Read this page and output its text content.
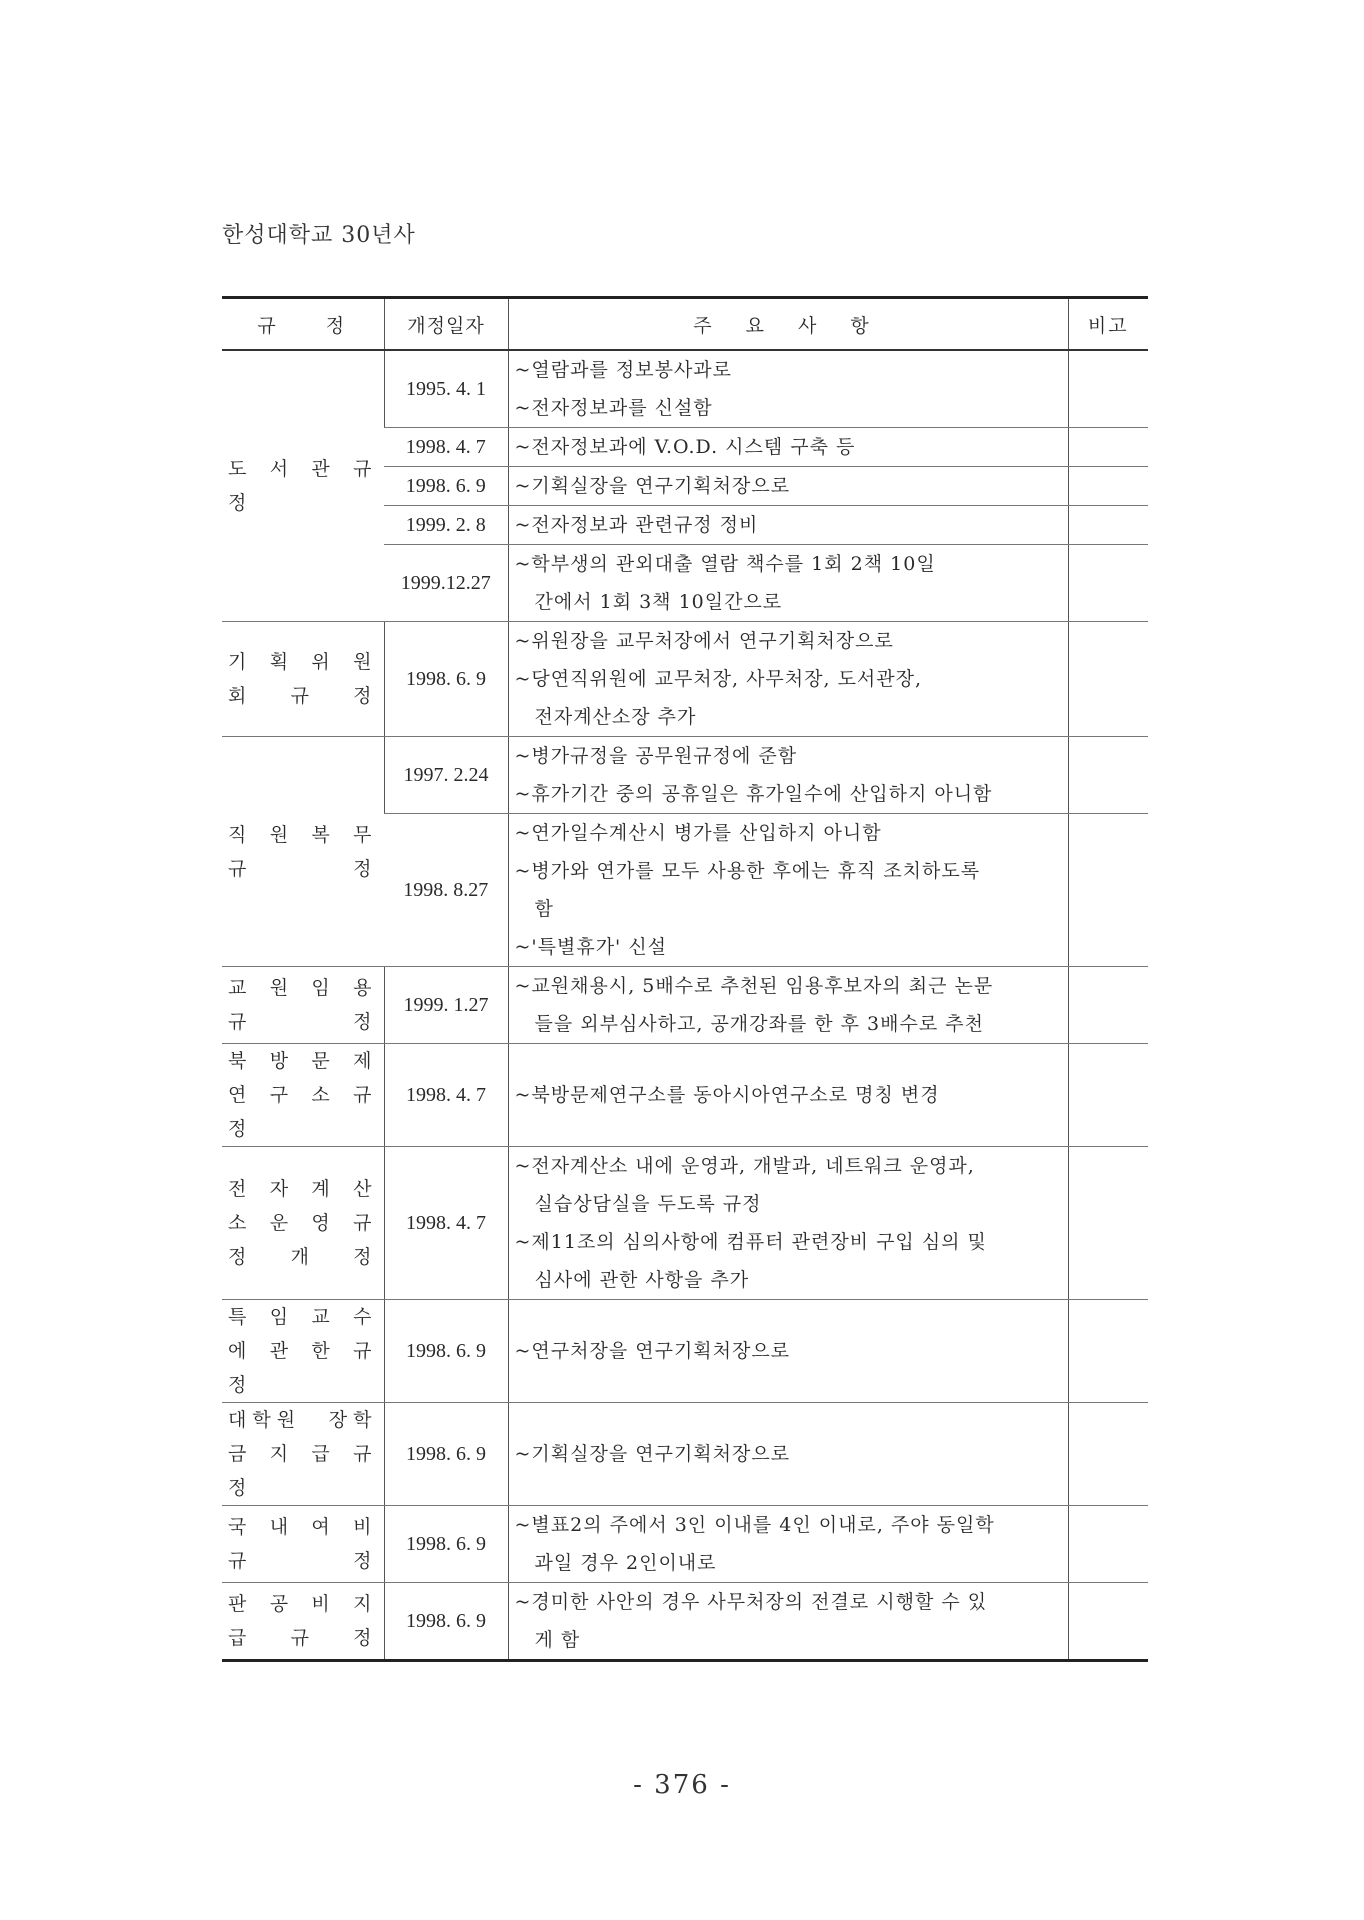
한성대학교 30년사
규　　정	개정일자	주 요 사 항	비고
도 서 관 규 정	1995. 4. 1	~열람과를 정보봉사과로
~전자정보과를 신설함	

	1998. 4. 7	~전자정보과에 V.O.D. 시스템 구축 등	

	1998. 6. 9	~기획실장을 연구기획처장으로	

	1999. 2. 8	~전자정보과 관련규정 정비	

	1999.12.27	~학부생의 관외대출 열람 책수를 1회 2책 10일
간에서 1회 3책 10일간으로	

기 획 위 원 회 규 정	1998. 6. 9	~위원장을 교무처장에서 연구기획처장으로
~당연직위원에 교무처장, 사무처장, 도서관장,
전자계산소장 추가	

직 원 복 무 규 정	1997. 2.24	~병가규정을 공무원규정에 준함
~휴가기간 중의 공휴일은 휴가일수에 산입하지 아니함	

	1998. 8.27	~연가일수계산시 병가를 산입하지 아니함
~병가와 연가를 모두 사용한 후에는 휴직 조치하도록
함
~'특별휴가' 신설	

교 원 임 용 규 정	1999. 1.27	~교원채용시, 5배수로 추천된 임용후보자의 최근 논문
들을 외부심사하고, 공개강좌를 한 후 3배수로 추천	

북 방 문 제 연 구 소 규 정	1998. 4. 7	~북방문제연구소를 동아시아연구소로 명칭 변경	

전 자 계 산 소 운 영 규 정 개 정	1998. 4. 7	~전자계산소 내에 운영과, 개발과, 네트워크 운영과,
실습상담실을 두도록 규정
~제11조의 심의사항에 컴퓨터 관련장비 구입 심의 및
심사에 관한 사항을 추가	

특 임 교 수 에 관 한 규 정	1998. 6. 9	~연구처장을 연구기획처장으로	

대학원 장학금 지 급 규 정	1998. 6. 9	~기획실장을 연구기획처장으로	

국 내 여 비 규 정	1998. 6. 9	~별표2의 주에서 3인 이내를 4인 이내로, 주야 동일학
과일 경우 2인이내로	

판 공 비 지 급 규 정	1998. 6. 9	~경미한 사안의 경우 사무처장의 전결로 시행할 수 있
게 함	

- 376 -
